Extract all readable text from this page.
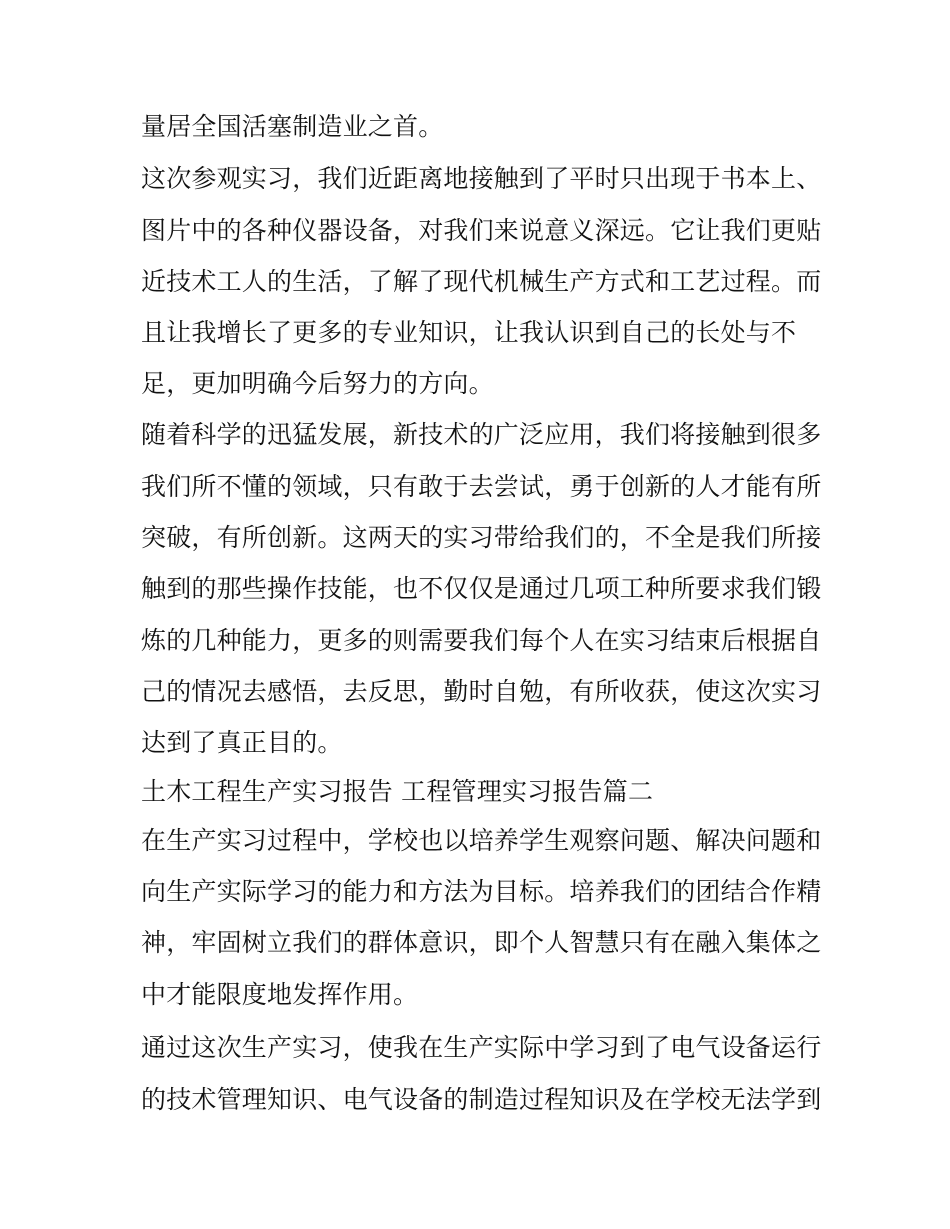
量居全国活塞制造业之首。
这次参观实习，我们近距离地接触到了平时只出现于书本上、
图片中的各种仪器设备，对我们来说意义深远。它让我们更贴
近技术工人的生活，了解了现代机械生产方式和工艺过程。而
且让我增长了更多的专业知识，让我认识到自己的长处与不
足，更加明确今后努力的方向。
随着科学的迅猛发展，新技术的广泛应用，我们将接触到很多
我们所不懂的领域，只有敢于去尝试，勇于创新的人才能有所
突破，有所创新。这两天的实习带给我们的，不全是我们所接
触到的那些操作技能，也不仅仅是通过几项工种所要求我们锻
炼的几种能力，更多的则需要我们每个人在实习结束后根据自
己的情况去感悟，去反思，勤时自勉，有所收获，使这次实习
达到了真正目的。
土木工程生产实习报告 工程管理实习报告篇二
在生产实习过程中，学校也以培养学生观察问题、解决问题和
向生产实际学习的能力和方法为目标。培养我们的团结合作精
神，牢固树立我们的群体意识，即个人智慧只有在融入集体之
中才能限度地发挥作用。
通过这次生产实习，使我在生产实际中学习到了电气设备运行
的技术管理知识、电气设备的制造过程知识及在学校无法学到
